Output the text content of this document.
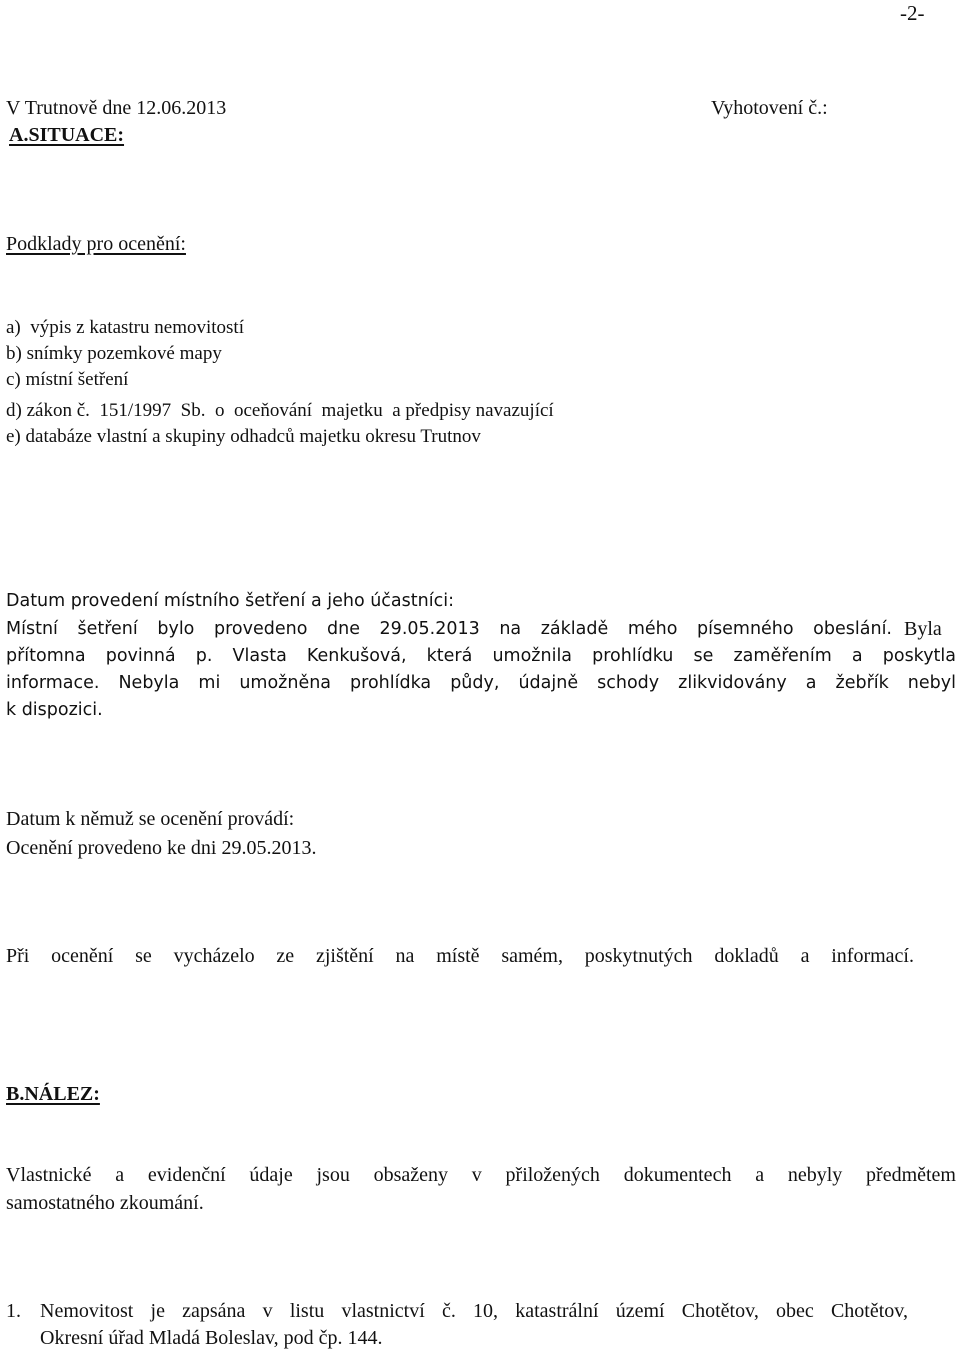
-2-
V Trutnově dne 12.06.2013	Vyhotovení č.:
A.SITUACE:
Podklady pro ocenění:
a)  výpis z katastru nemovitostí
b) snímky pozemkové mapy
c) místní šetření
d) zákon č.  151/1997  Sb.  o  oceňování  majetku  a předpisy navazující
e) databáze vlastní a skupiny odhadců majetku okresu Trutnov
Datum provedení místního šetření a jeho účastníci:
Místní šetření bylo provedeno dne 29.05.2013 na základě mého písemného obeslání. Byla
přítomna povinná p. Vlasta Kenkušová, která umožnila prohlídku se zaměřením a poskytla
informace. Nebyla mi umožněna prohlídka půdy, údajně schody zlikvidovány a žebřík nebyl
k dispozici.
Datum k němuž se ocenění provádí:
Ocenění provedeno ke dni 29.05.2013.
Při ocenění se vycházelo ze zjištění na místě samém, poskytnutých dokladů a informací.
B.NÁLEZ:
Vlastnické a evidenční údaje jsou obsaženy v přiložených dokumentech a nebyly předmětem
samostatného zkoumání.
1. Nemovitost je zapsána v listu vlastnictví č. 10, katastrální území Chotětov, obec Chotětov,
Okresní úřad Mladá Boleslav, pod čp. 144.
